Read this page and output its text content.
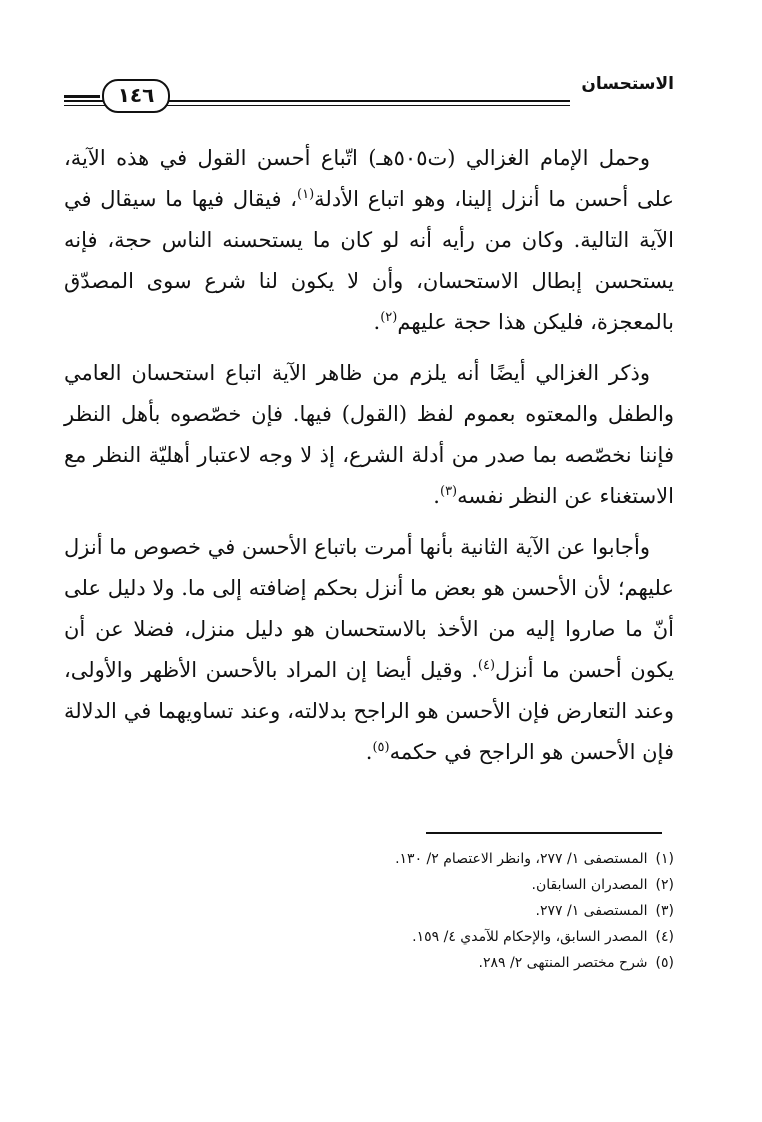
الاستحسان
١٤٦

وحمل الإمام الغزالي (ت٥٠٥هـ) اتّباع أحسن القول في هذه الآية، على أحسن ما أنزل إلينا، وهو اتباع الأدلة$^{(١)}$، فيقال فيها ما سيقال في الآية التالية. وكان من رأيه أنه لو كان ما يستحسنه الناس حجة، فإنه يستحسن إبطال الاستحسان، وأن لا يكون لنا شرع سوى المصدّق بالمعجزة، فليكن هذا حجة عليهم$^{(٢)}$.

وذكر الغزالي أيضًا أنه يلزم من ظاهر الآية اتباع استحسان العامي والطفل والمعتوه بعموم لفظ (القول) فيها. فإن خصّصوه بأهل النظر فإننا نخصّصه بما صدر من أدلة الشرع، إذ لا وجه لاعتبار أهليّة النظر مع الاستغناء عن النظر نفسه$^{(٣)}$.

وأجابوا عن الآية الثانية بأنها أمرت باتباع الأحسن في خصوص ما أنزل عليهم؛ لأن الأحسن هو بعض ما أنزل بحكم إضافته إلى ما. ولا دليل على أنّ ما صاروا إليه من الأخذ بالاستحسان هو دليل منزل، فضلا عن أن يكون أحسن ما أنزل$^{(٤)}$. وقيل أيضا إن المراد بالأحسن الأظهر والأولى، وعند التعارض فإن الأحسن هو الراجح بدلالته، وعند تساويهما في الدلالة فإن الأحسن هو الراجح في حكمه$^{(٥)}$.

(١)المستصفى ١/ ٢٧٧، وانظر الاعتصام ٢/ ١٣٠.
(٢)المصدران السابقان.
(٣)المستصفى ١/ ٢٧٧.
(٤)المصدر السابق، والإحكام للآمدي ٤/ ١٥٩.
(٥)شرح مختصر المنتهى ٢/ ٢٨٩.
